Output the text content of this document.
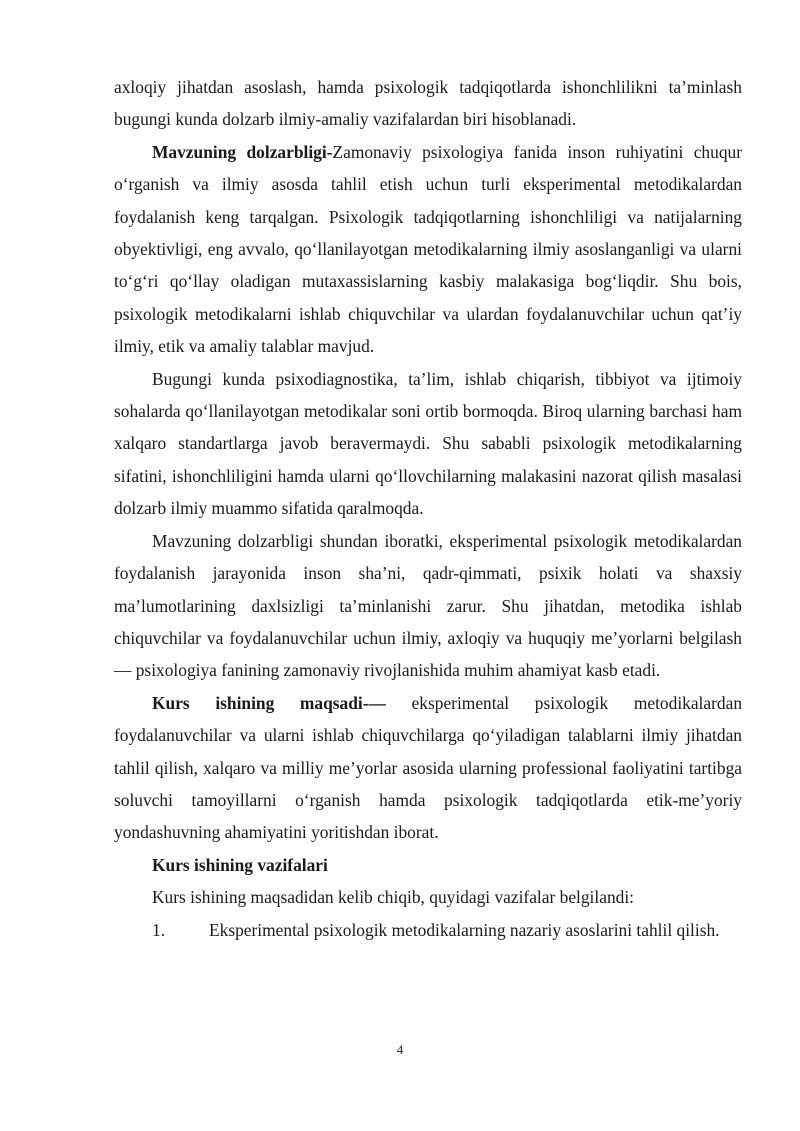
axloqiy jihatdan asoslash, hamda psixologik tadqiqotlarda ishonchlilikni ta’minlash bugungi kunda dolzarb ilmiy-amaliy vazifalardan biri hisoblanadi.

Mavzuning dolzarbligi-Zamonaviy psixologiya fanida inson ruhiyatini chuqur o‘rganish va ilmiy asosda tahlil etish uchun turli eksperimental metodikalardan foydalanish keng tarqalgan. Psixologik tadqiqotlarning ishonchliligi va natijalarning obyektivligi, eng avvalo, qo‘llanilayotgan metodikalarning ilmiy asoslanganligi va ularni to‘g‘ri qo‘llay oladigan mutaxassislarning kasbiy malakasiga bog‘liqdir. Shu bois, psixologik metodikalarni ishlab chiquvchilar va ulardan foydalanuvchilar uchun qat’iy ilmiy, etik va amaliy talablar mavjud.

Bugungi kunda psixodiagnostika, ta’lim, ishlab chiqarish, tibbiyot va ijtimoiy sohalarda qo‘llanilayotgan metodikalar soni ortib bormoqda. Biroq ularning barchasi ham xalqaro standartlarga javob beravermaydi. Shu sababli psixologik metodikalarning sifatini, ishonchliligini hamda ularni qo‘llovchilarning malakasini nazorat qilish masalasi dolzarb ilmiy muammo sifatida qaralmoqda.

Mavzuning dolzarbligi shundan iboratki, eksperimental psixologik metodikalardan foydalanish jarayonida inson sha’ni, qadr-qimmati, psixik holati va shaxsiy ma’lumotlarining daxlsizligi ta’minlanishi zarur. Shu jihatdan, metodika ishlab chiquvchilar va foydalanuvchilar uchun ilmiy, axloqiy va huquqiy me’yorlarni belgilash — psixologiya fanining zamonaviy rivojlanishida muhim ahamiyat kasb etadi.

Kurs ishining maqsadi-— eksperimental psixologik metodikalardan foydalanuvchilar va ularni ishlab chiquvchilarga qo‘yiladigan talablarni ilmiy jihatdan tahlil qilish, xalqaro va milliy me’yorlar asosida ularning professional faoliyatini tartibga soluvchi tamoyillarni o‘rganish hamda psixologik tadqiqotlarda etik-me’yoriy yondashuvning ahamiyatini yoritishdan iborat.

Kurs ishining vazifalari

Kurs ishining maqsadidan kelib chiqib, quyidagi vazifalar belgilandi:

1.	Eksperimental psixologik metodikalarning nazariy asoslarini tahlil qilish.

4
